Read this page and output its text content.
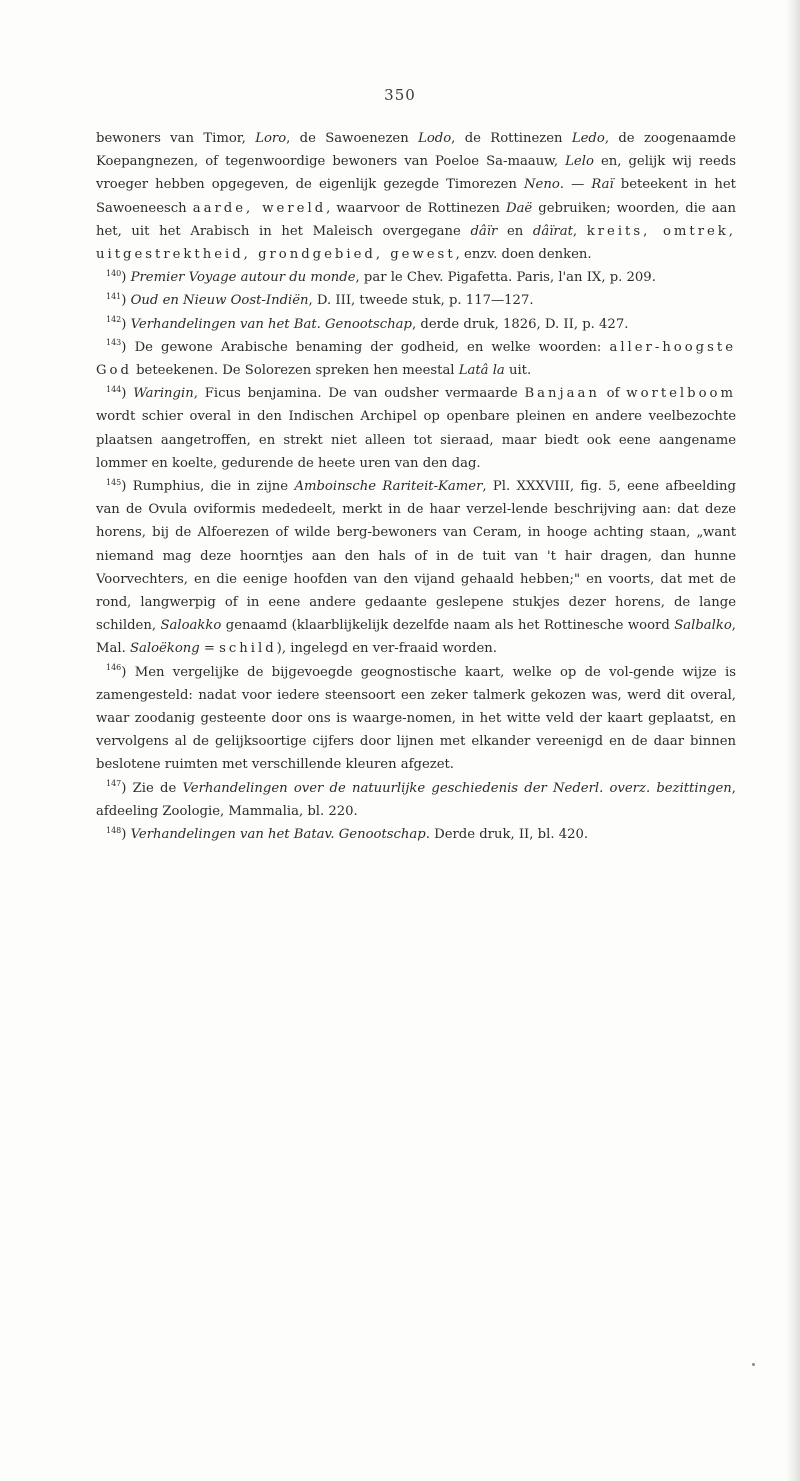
350

bewoners van Timor, Loro, de Sawoenezen Lodo, de Rottinezen Ledo, de zoogenaamde Koepangnezen, of tegenwoordige bewoners van Poeloe Sa-maauw, Lelo en, gelijk wij reeds vroeger hebben opgegeven, de eigenlijk gezegde Timorezen Neno. — Raï beteekent in het Sawoeneesch aarde, wereld, waarvoor de Rottinezen Daë gebruiken; woorden, die aan het, uit het Arabisch in het Maleisch overgegane dâïr en dâïrat, kreits, omtrek, uitgestrektheid, grondgebied, gewest, enzv. doen denken.

$^{140}$) Premier Voyage autour du monde, par le Chev. Pigafetta. Paris, l'an IX, p. 209.

$^{141}$) Oud en Nieuw Oost-Indiën, D. III, tweede stuk, p. 117—127.

$^{142}$) Verhandelingen van het Bat. Genootschap, derde druk, 1826, D. II, p. 427.

$^{143}$) De gewone Arabische benaming der godheid, en welke woorden: aller-hoogste God beteekenen. De Solorezen spreken hen meestal Latâ la uit.

$^{144}$) Waringin, Ficus benjamina. De van oudsher vermaarde Banjaan of wortelboom wordt schier overal in den Indischen Archipel op openbare pleinen en andere veelbezochte plaatsen aangetroffen, en strekt niet alleen tot sieraad, maar biedt ook eene aangename lommer en koelte, gedurende de heete uren van den dag.

$^{145}$) Rumphius, die in zijne Amboinsche Rariteit-Kamer, Pl. XXXVIII, fig. 5, eene afbeelding van de Ovula oviformis mededeelt, merkt in de haar verzel-lende beschrijving aan: dat deze horens, bij de Alfoerezen of wilde berg-bewoners van Ceram, in hooge achting staan, „want niemand mag deze hoorntjes aan den hals of in de tuit van 't hair dragen, dan hunne Voorvechters, en die eenige hoofden van den vijand gehaald hebben;" en voorts, dat met de rond, langwerpig of in eene andere gedaante geslepene stukjes dezer horens, de lange schilden, Saloakko genaamd (klaarblijkelijk dezelfde naam als het Rottinesche woord Salbalko, Mal. Saloëkong = schild), ingelegd en ver-fraaid worden.

$^{146}$) Men vergelijke de bijgevoegde geognostische kaart, welke op de vol-gende wijze is zamengesteld: nadat voor iedere steensoort een zeker talmerk gekozen was, werd dit overal, waar zoodanig gesteente door ons is waarge-nomen, in het witte veld der kaart geplaatst, en vervolgens al de gelijksoortige cijfers door lijnen met elkander vereenigd en de daar binnen beslotene ruimten met verschillende kleuren afgezet.

$^{147}$) Zie de Verhandelingen over de natuurlijke geschiedenis der Nederl. overz. bezittingen, afdeeling Zoologie, Mammalia, bl. 220.

$^{148}$) Verhandelingen van het Batav. Genootschap. Derde druk, II, bl. 420.
